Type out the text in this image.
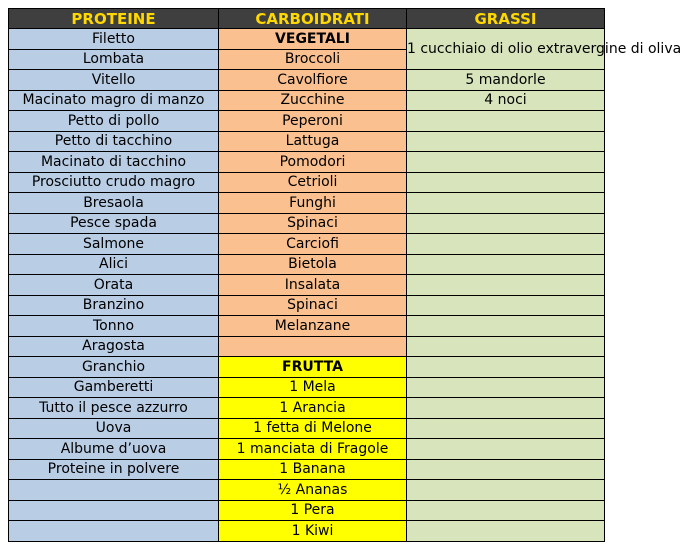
PROTEINE	CARBOIDRATI	GRASSI
Filetto	VEGETALI	1 cucchiaio di olio extravergine di oliva
Lombata	Broccoli	
Vitello	Cavolfiore	5 mandorle
Macinato magro di manzo	Zucchine	4 noci
Petto di pollo	Peperoni	
Petto di tacchino	Lattuga	
Macinato di tacchino	Pomodori	
Prosciutto crudo magro	Cetrioli	
Bresaola	Funghi	
Pesce spada	Spinaci	
Salmone	Carciofi	
Alici	Bietola	
Orata	Insalata	
Branzino	Spinaci	
Tonno	Melanzane	
Aragosta		
Granchio	FRUTTA	
Gamberetti	1 Mela	
Tutto il pesce azzurro	1 Arancia	
Uova	1 fetta di Melone	
Albume d’uova	1 manciata di Fragole	
Proteine in polvere	1 Banana	
	½ Ananas	
	1 Pera	
	1 Kiwi	
